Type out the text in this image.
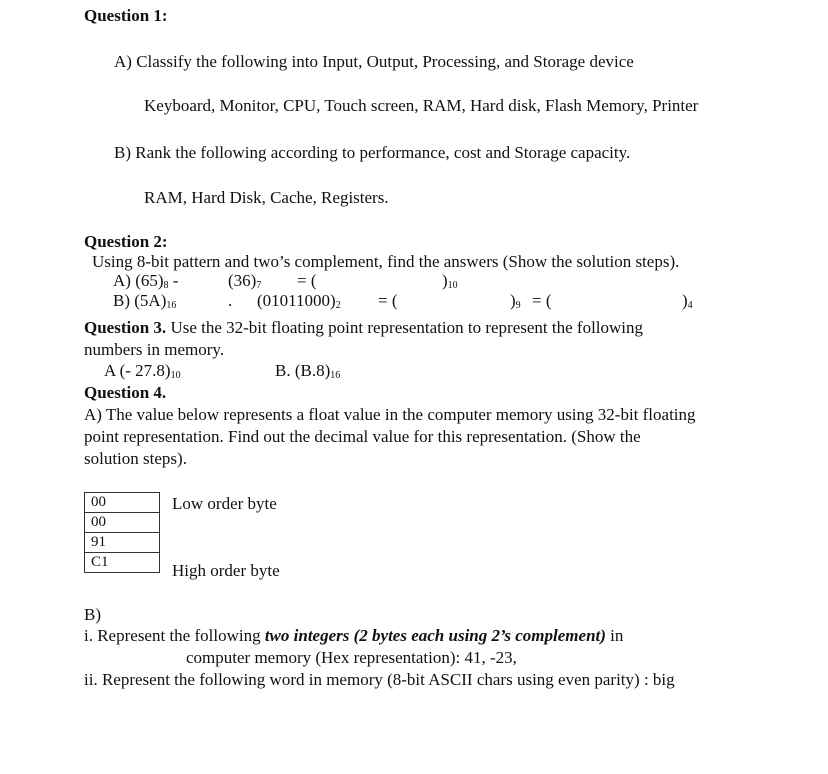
Question 1:
A) Classify the following into Input, Output, Processing, and Storage device
Keyboard, Monitor, CPU, Touch screen, RAM, Hard disk, Flash Memory, Printer
B) Rank the following according to performance, cost and Storage capacity.
RAM, Hard Disk, Cache, Registers.
Question 2:
Using 8-bit pattern and two’s complement, find the answers (Show the solution steps).
A) $(65)_8$ -	$(36)_7$ = (	)$_{10}$
B) $(5A)_{16}$	. $(01011000)_2$ = (	)$_9$ = (	)$_4$
Question 3. Use the 32-bit floating point representation to represent the following
numbers in memory.
A (- $27.8)_{10}$	B. $(B.8)_{16}$
Question 4.
A) The value below represents a float value in the computer memory using 32-bit floating
point representation. Find out the decimal value for this representation. (Show the
solution steps).
00
00
91
C1
Low order byte
High order byte
B)
i. Represent the following two integers (2 bytes each using 2’s complement) in
computer memory (Hex representation): 41, -23,
ii. Represent the following word in memory (8-bit ASCII chars using even parity) : big
